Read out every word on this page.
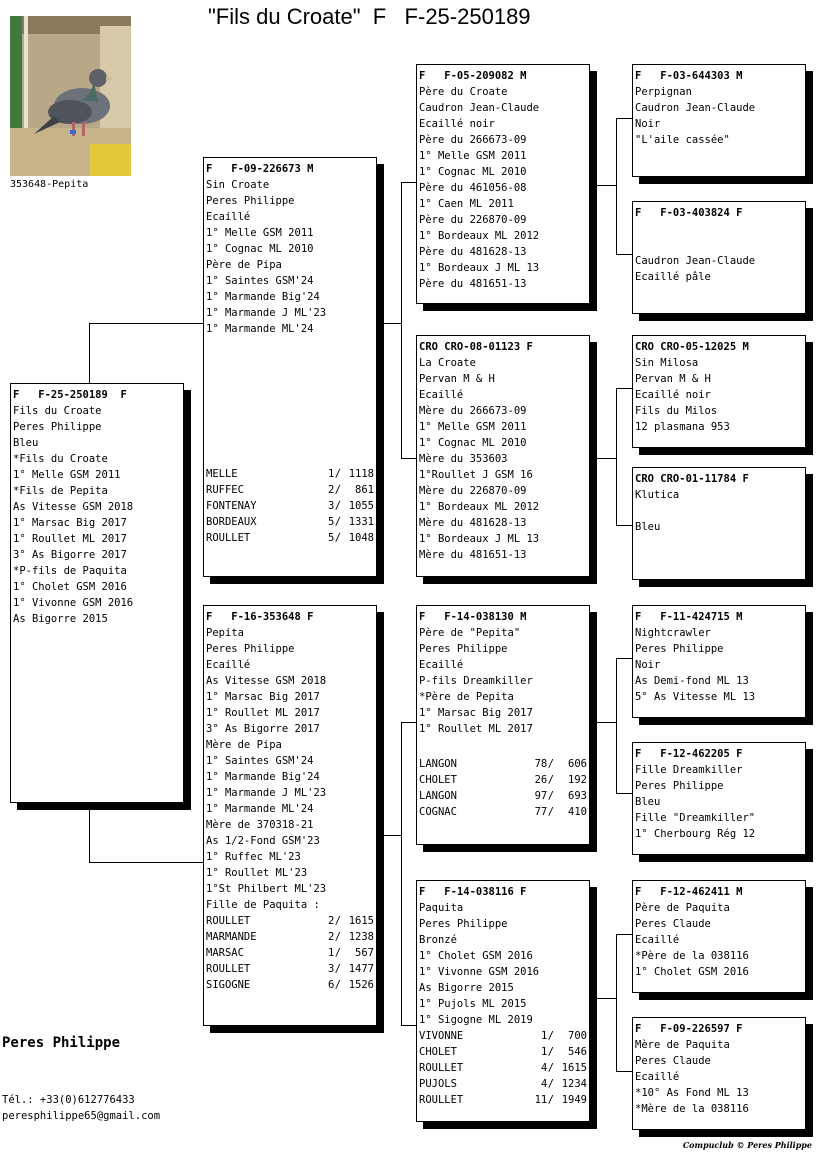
"Fils du Croate"  F   F-25-250189
353648-Pepita
F   F-25-250189  F
Fils du Croate
Peres Philippe
Bleu
*Fils du Croate
1° Melle GSM 2011
*Fils de Pepita
As Vitesse GSM 2018
1° Marsac Big 2017
1° Roullet ML 2017
3° As Bigorre 2017
*P-fils de Paquita
1° Cholet GSM 2016
1° Vivonne GSM 2016
As Bigorre 2015
F   F-09-226673 M
Sin Croate
Peres Philippe
Ecaillé
1° Melle GSM 2011
1° Cognac ML 2010
Père de Pipa
1° Saintes GSM'24
1° Marmande Big'24
1° Marmande J ML'23
1° Marmande ML'24
MELLE	1 / 1118
RUFFEC	2 /	861
FONTENAY	3 / 1055
BORDEAUX	5 / 1331
ROULLET	5 / 1048
F   F-16-353648 F
Pepita
Peres Philippe
Ecaillé
As Vitesse GSM 2018
1° Marsac Big 2017
1° Roullet ML 2017
3° As Bigorre 2017
Mère de Pipa
1° Saintes GSM'24
1° Marmande Big'24
1° Marmande J ML'23
1° Marmande ML'24
Mère de 370318-21
As 1/2-Fond GSM'23
1° Ruffec ML'23
1° Roullet ML'23
1°St Philbert ML'23
Fille de Paquita :
ROULLET	2 / 1615
MARMANDE	2 / 1238
MARSAC	1 /	567
ROULLET	3 / 1477
SIGOGNE	6 / 1526
F   F-05-209082 M
Père du Croate
Caudron Jean-Claude
Ecaillé noir
Père du 266673-09
1° Melle GSM 2011
1° Cognac ML 2010
Père du 461056-08
1° Caen ML 2011
Père du 226870-09
1° Bordeaux ML 2012
Père du 481628-13
1° Bordeaux J ML 13
Père du 481651-13
CRO CRO-08-01123 F
La Croate
Pervan M & H
Ecaillé
Mère du 266673-09
1° Melle GSM 2011
1° Cognac ML 2010
Mère du 353603
1°Roullet J GSM 16
Mère du 226870-09
1° Bordeaux ML 2012
Mère du 481628-13
1° Bordeaux J ML 13
Mère du 481651-13
F   F-14-038130 M
Père de "Pepita"
Peres Philippe
Ecaillé
P-fils Dreamkiller
*Père de Pepita
1° Marsac Big 2017
1° Roullet ML 2017
LANGON	78 /	606
CHOLET	26 /	192
LANGON	97 /	693
COGNAC	77 /	410
F   F-14-038116 F
Paquita
Peres Philippe
Bronzé
1° Cholet GSM 2016
1° Vivonne GSM 2016
As Bigorre 2015
1° Pujols ML 2015
1° Sigogne ML 2019
VIVONNE	1 /	700
CHOLET	1 /	546
ROULLET	4 / 1615
PUJOLS	4 / 1234
ROULLET	11 / 1949
F   F-03-644303 M
Perpignan
Caudron Jean-Claude
Noir
"L'aile cassée"
F   F-03-403824 F
Caudron Jean-Claude
Ecaillé pâle
CRO CRO-05-12025 M
Sin Milosa
Pervan M & H
Ecaillé noir
Fils du Milos
12 plasmana 953
CRO CRO-01-11784 F
Klutica
Bleu
F   F-11-424715 M
Nightcrawler
Peres Philippe
Noir
As Demi-fond ML 13
5° As Vitesse ML 13
F   F-12-462205 F
Fille Dreamkiller
Peres Philippe
Bleu
Fille "Dreamkiller"
1° Cherbourg Rég 12
F   F-12-462411 M
Père de Paquita
Peres Claude
Ecaillé
*Père de la 038116
1° Cholet GSM 2016
F   F-09-226597 F
Mère de Paquita
Peres Claude
Ecaillé
*10° As Fond ML 13
*Mère de la 038116
Peres Philippe
Tél.: +33(0)612776433
peresphilippe65@gmail.com
Compuclub © Peres Philippe
